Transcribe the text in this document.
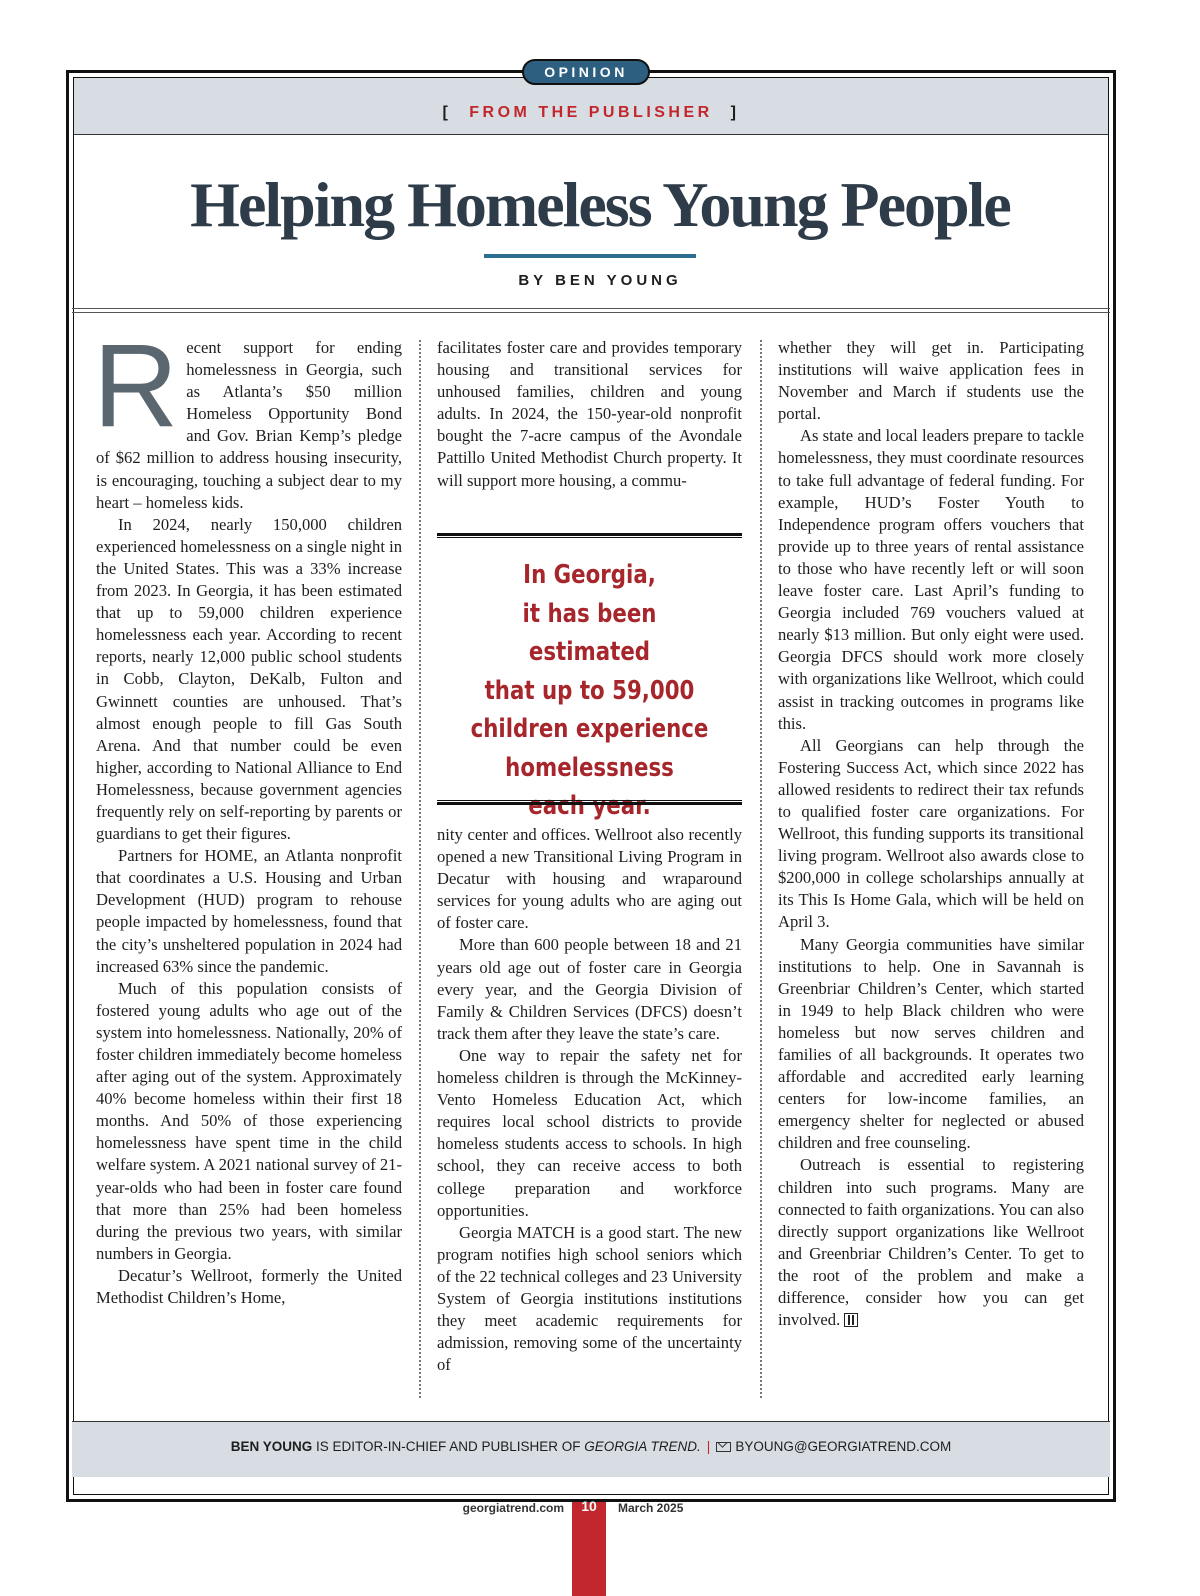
[ FROM THE PUBLISHER ]
OPINION
Helping Homeless Young People
BY BEN YOUNG

Recent support for ending homelessness in Georgia, such as Atlanta’s $50 million Homeless Opportunity Bond and Gov. Brian Kemp’s pledge of $62 million to address housing insecurity, is encouraging, touching a subject dear to my heart – homeless kids.

In 2024, nearly 150,000 children experienced homelessness on a single night in the United States. This was a 33% increase from 2023. In Georgia, it has been estimated that up to 59,000 children experience homelessness each year. According to recent reports, nearly 12,000 public school students in Cobb, Clayton, DeKalb, Fulton and Gwinnett counties are unhoused. That’s almost enough people to fill Gas South Arena. And that number could be even higher, according to National Alliance to End Homelessness, because government agencies frequently rely on self-reporting by parents or guardians to get their figures.

Partners for HOME, an Atlanta nonprofit that coordinates a U.S. Housing and Urban Development (HUD) program to rehouse people impacted by homelessness, found that the city’s unsheltered population in 2024 had increased 63% since the pandemic.

Much of this population consists of fostered young adults who age out of the system into homelessness. Nationally, 20% of foster children immediately become homeless after aging out of the system. Approximately 40% become homeless within their first 18 months. And 50% of those experiencing homelessness have spent time in the child welfare system. A 2021 national survey of 21-year-olds who had been in foster care found that more than 25% had been homeless during the previous two years, with similar numbers in Georgia.

Decatur’s Wellroot, formerly the United Methodist Children’s Home,

facilitates foster care and provides temporary housing and transitional services for unhoused families, children and young adults. In 2024, the 150-year-old nonprofit bought the 7-acre campus of the Avondale Pattillo United Methodist Church property. It will support more housing, a commu-

In Georgia,
it has been estimated
that up to 59,000
children experience
homelessness
each year.

nity center and offices. Wellroot also recently opened a new Transitional Living Program in Decatur with housing and wraparound services for young adults who are aging out of foster care.

More than 600 people between 18 and 21 years old age out of foster care in Georgia every year, and the Georgia Division of Family & Children Services (DFCS) doesn’t track them after they leave the state’s care.

One way to repair the safety net for homeless children is through the McKinney-Vento Homeless Education Act, which requires local school districts to provide homeless students access to schools. In high school, they can receive access to both college preparation and workforce opportunities.

Georgia MATCH is a good start. The new program notifies high school seniors which of the 22 technical colleges and 23 University System of Georgia institutions institutions they meet academic requirements for admission, removing some of the uncertainty of

whether they will get in. Participating institutions will waive application fees in November and March if students use the portal.

As state and local leaders prepare to tackle homelessness, they must coordinate resources to take full advantage of federal funding. For example, HUD’s Foster Youth to Independence program offers vouchers that provide up to three years of rental assistance to those who have recently left or will soon leave foster care. Last April’s funding to Georgia included 769 vouchers valued at nearly $13 million. But only eight were used. Georgia DFCS should work more closely with organizations like Wellroot, which could assist in tracking outcomes in programs like this.

All Georgians can help through the Fostering Success Act, which since 2022 has allowed residents to redirect their tax refunds to qualified foster care organizations. For Wellroot, this funding supports its transitional living program. Wellroot also awards close to $200,000 in college scholarships annually at its This Is Home Gala, which will be held on April 3.

Many Georgia communities have similar institutions to help. One in Savannah is Greenbriar Children’s Center, which started in 1949 to help Black children who were homeless but now serves children and families of all backgrounds. It operates two affordable and accredited early learning centers for low-income families, an emergency shelter for neglected or abused children and free counseling.

Outreach is essential to registering children into such programs. Many are connected to faith organizations. You can also directly support organizations like Wellroot and Greenbriar Children’s Center. To get to the root of the problem and make a difference, consider how you can get involved.

BEN YOUNG IS EDITOR-IN-CHIEF AND PUBLISHER OF GEORGIA TREND. | BYOUNG@GEORGIATREND.COM
georgiatrend.com	10	March 2025
